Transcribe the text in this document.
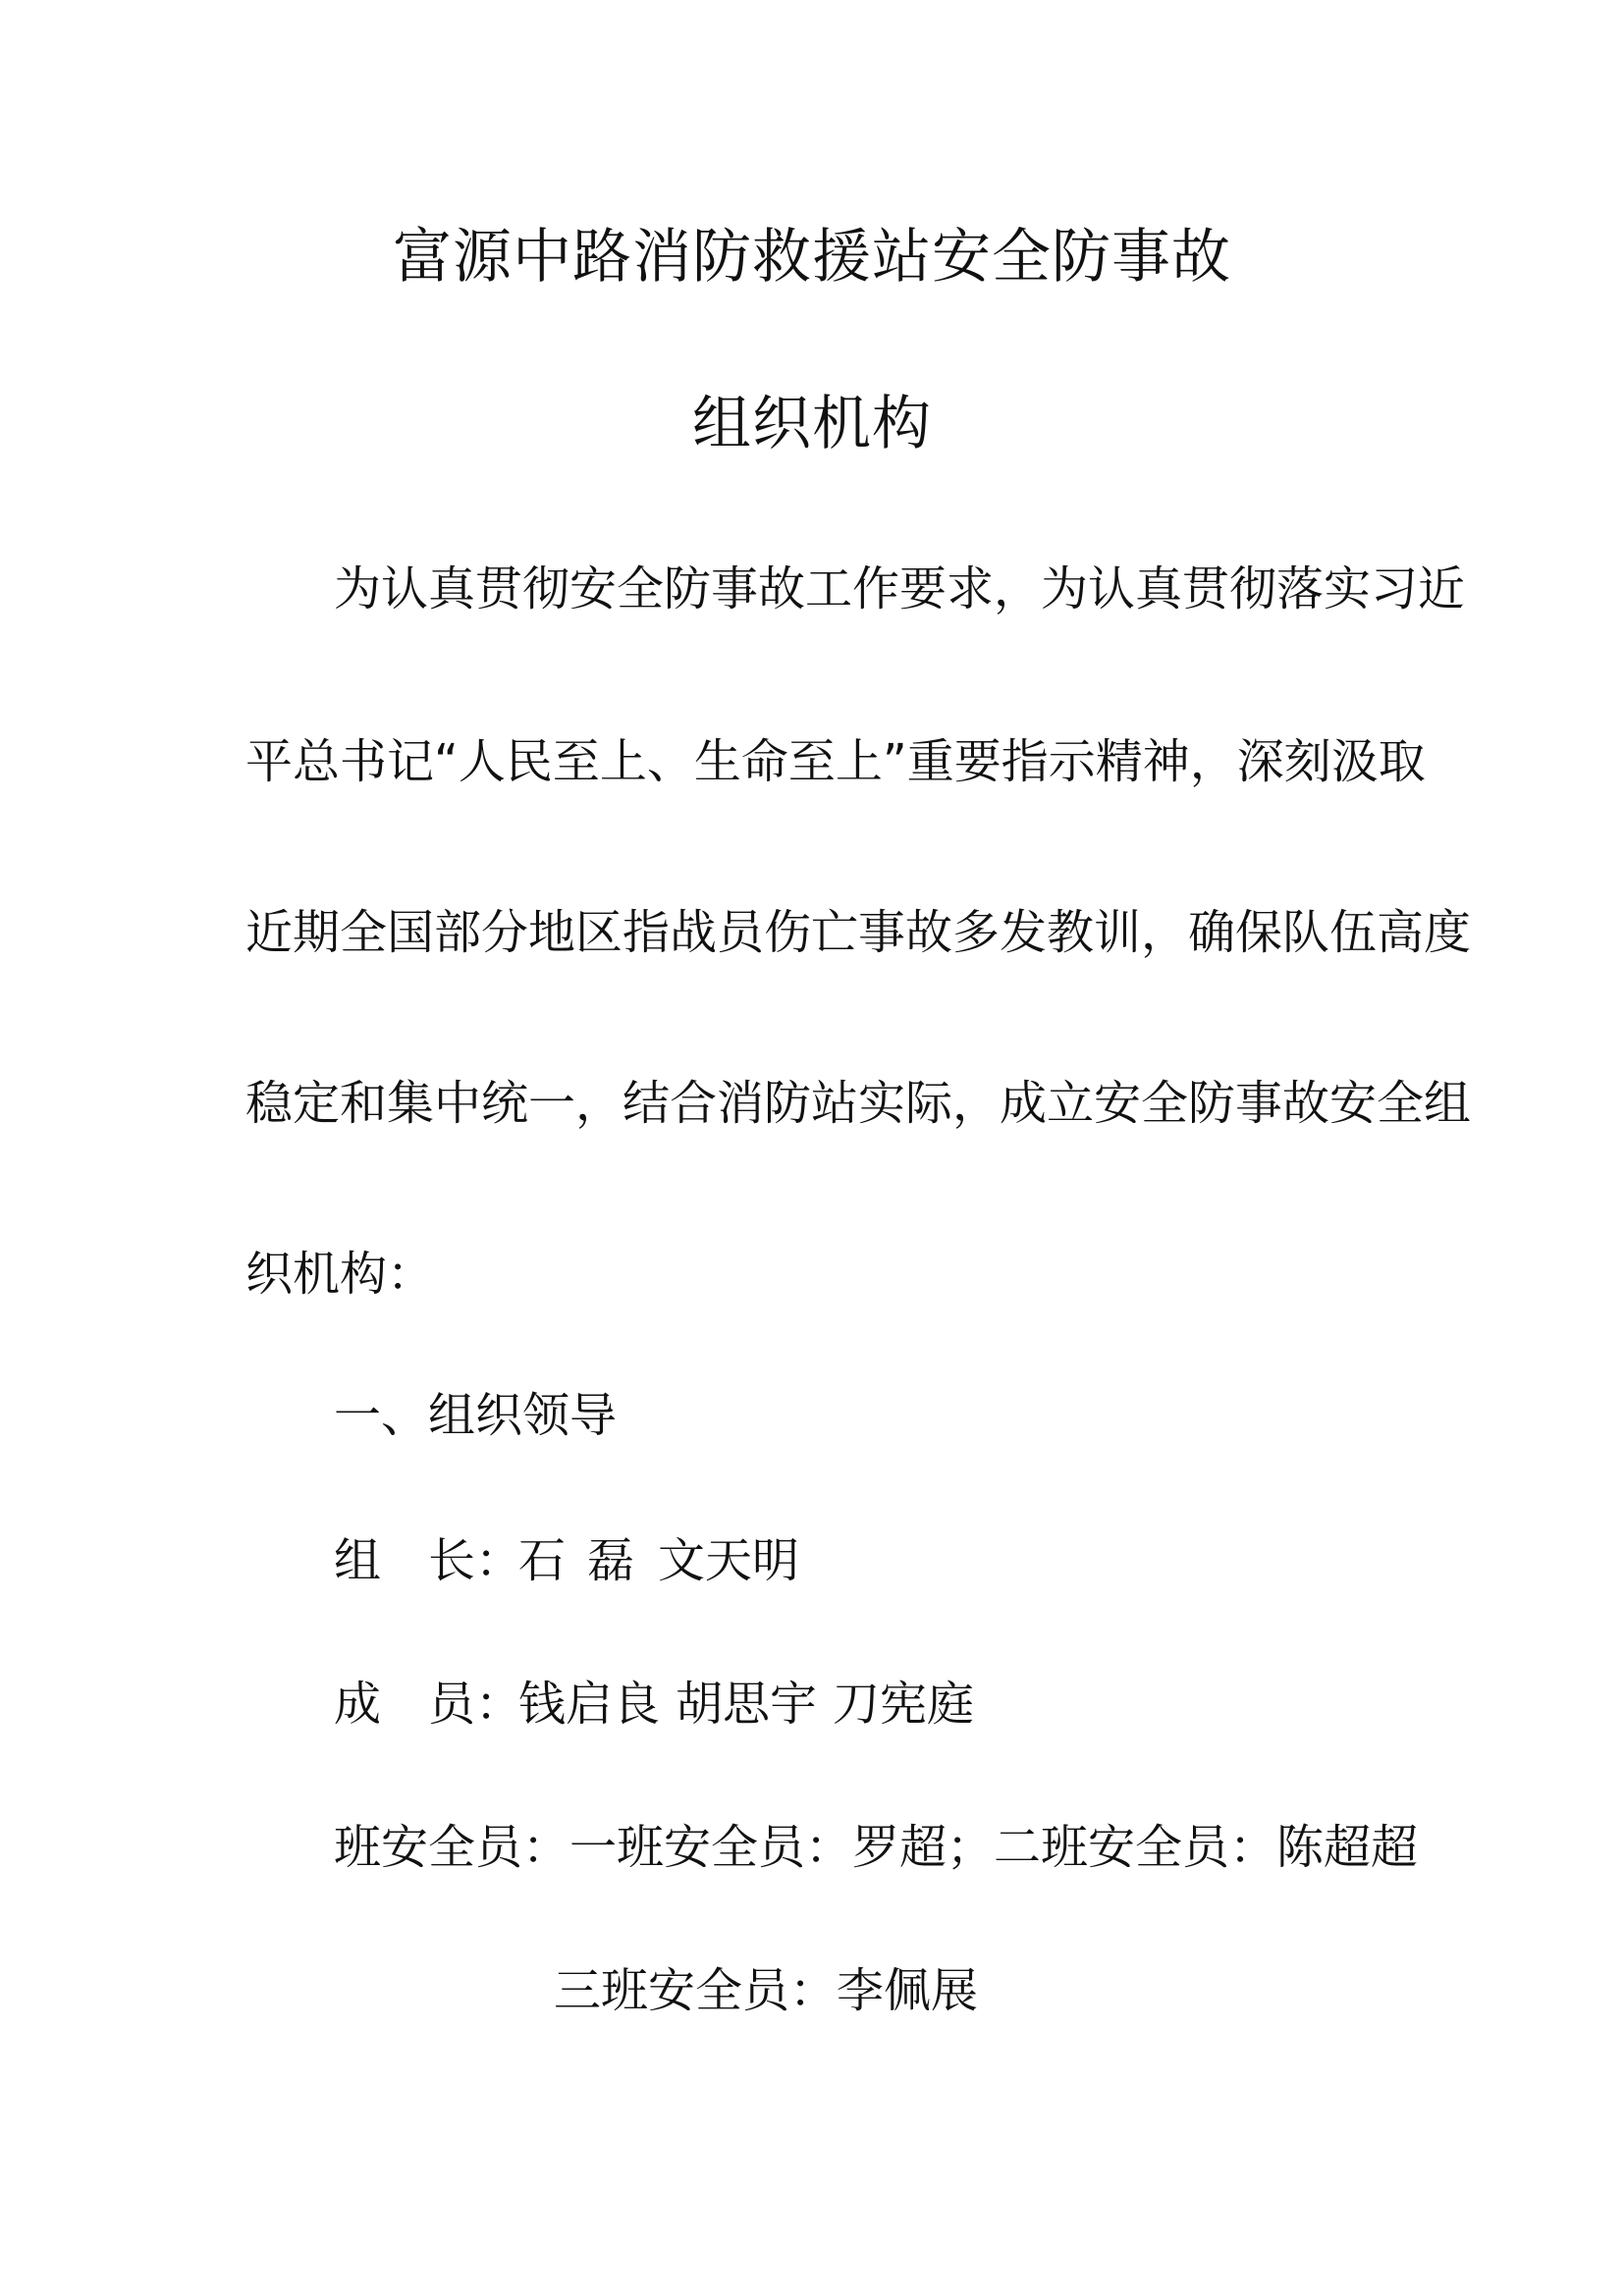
富源中路消防救援站安全防事故
组织机构
为认真贯彻安全防事故工作要求，为认真贯彻落实习近
平总书记“人民至上、生命至上”重要指示精神，深刻汲取
近期全国部分地区指战员伤亡事故多发教训，确保队伍高度
稳定和集中统一，结合消防站实际，成立安全防事故安全组
织机构：
一、组织领导
组 长 ：
石 磊 文天明
成 员 ：
钱启良 胡思宇 刀宪庭
班安全员：一班安全员：罗超；二班安全员：陈超超
三班安全员：李佩展
